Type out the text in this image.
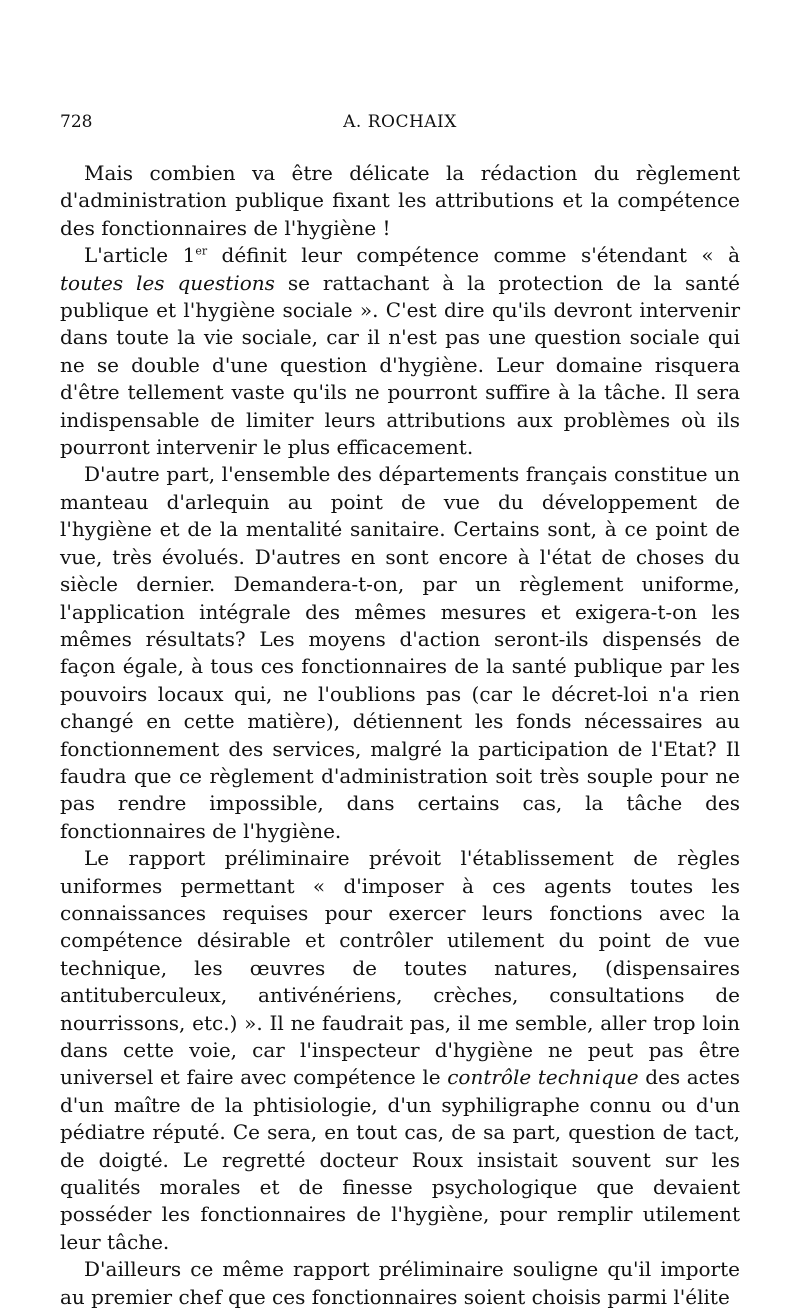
728	A. ROCHAIX

Mais combien va être délicate la rédaction du règlement d'administration publique fixant les attributions et la compétence des fonctionnaires de l'hygiène !

L'article 1er définit leur compétence comme s'étendant « à toutes les questions se rattachant à la protection de la santé publique et l'hygiène sociale ». C'est dire qu'ils devront intervenir dans toute la vie sociale, car il n'est pas une question sociale qui ne se double d'une question d'hygiène. Leur domaine risquera d'être tellement vaste qu'ils ne pourront suffire à la tâche. Il sera indispensable de limiter leurs attributions aux problèmes où ils pourront intervenir le plus efficacement.

D'autre part, l'ensemble des départements français constitue un manteau d'arlequin au point de vue du développement de l'hygiène et de la mentalité sanitaire. Certains sont, à ce point de vue, très évolués. D'autres en sont encore à l'état de choses du siècle dernier. Demandera-t-on, par un règlement uniforme, l'application intégrale des mêmes mesures et exigera-t-on les mêmes résultats? Les moyens d'action seront-ils dispensés de façon égale, à tous ces fonctionnaires de la santé publique par les pouvoirs locaux qui, ne l'oublions pas (car le décret-loi n'a rien changé en cette matière), détiennent les fonds nécessaires au fonctionnement des services, malgré la participation de l'Etat? Il faudra que ce règlement d'administration soit très souple pour ne pas rendre impossible, dans certains cas, la tâche des fonctionnaires de l'hygiène.

Le rapport préliminaire prévoit l'établissement de règles uniformes permettant « d'imposer à ces agents toutes les connaissances requises pour exercer leurs fonctions avec la compétence désirable et contrôler utilement du point de vue technique, les œuvres de toutes natures, (dispensaires antituberculeux, antivénériens, crèches, consultations de nourrissons, etc.) ». Il ne faudrait pas, il me semble, aller trop loin dans cette voie, car l'inspecteur d'hygiène ne peut pas être universel et faire avec compétence le contrôle technique des actes d'un maître de la phtisiologie, d'un syphiligraphe connu ou d'un pédiatre réputé. Ce sera, en tout cas, de sa part, question de tact, de doigté. Le regretté docteur Roux insistait souvent sur les qualités morales et de finesse psychologique que devaient posséder les fonctionnaires de l'hygiène, pour remplir utilement leur tâche.

D'ailleurs ce même rapport préliminaire souligne qu'il importe au premier chef que ces fonctionnaires soient choisis parmi l'élite
